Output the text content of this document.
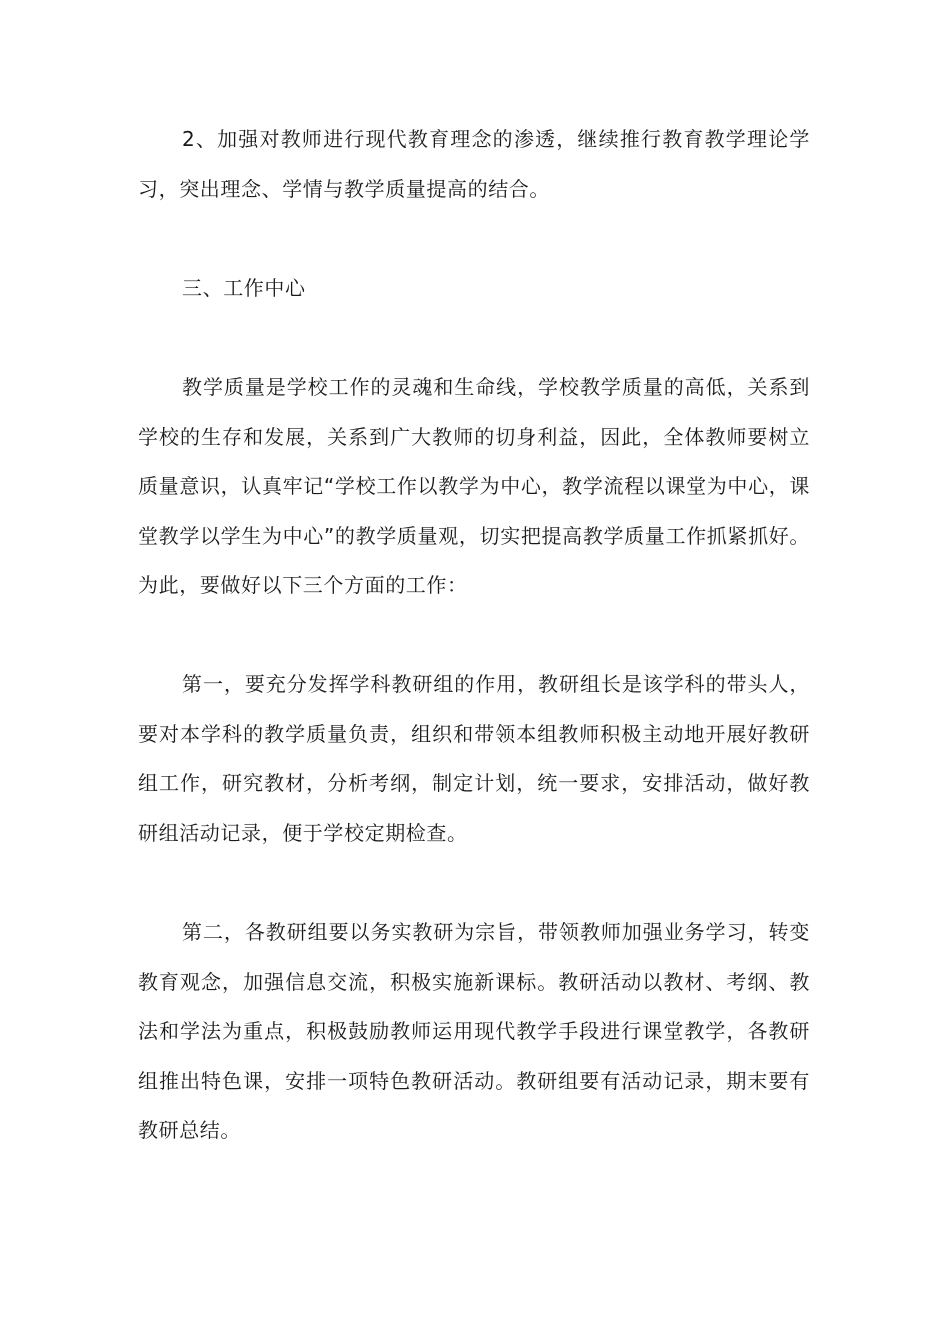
2、加强对教师进行现代教育理念的渗透，继续推行教育教学理论学习，突出理念、学情与教学质量提高的结合。

三、工作中心

教学质量是学校工作的灵魂和生命线，学校教学质量的高低，关系到学校的生存和发展，关系到广大教师的切身利益，因此，全体教师要树立质量意识，认真牢记“学校工作以教学为中心，教学流程以课堂为中心，课堂教学以学生为中心”的教学质量观，切实把提高教学质量工作抓紧抓好。为此，要做好以下三个方面的工作：

第一，要充分发挥学科教研组的作用，教研组长是该学科的带头人，要对本学科的教学质量负责，组织和带领本组教师积极主动地开展好教研组工作，研究教材，分析考纲，制定计划，统一要求，安排活动，做好教研组活动记录，便于学校定期检查。

第二，各教研组要以务实教研为宗旨，带领教师加强业务学习，转变教育观念，加强信息交流，积极实施新课标。教研活动以教材、考纲、教法和学法为重点，积极鼓励教师运用现代教学手段进行课堂教学，各教研组推出特色课，安排一项特色教研活动。教研组要有活动记录，期末要有教研总结。
